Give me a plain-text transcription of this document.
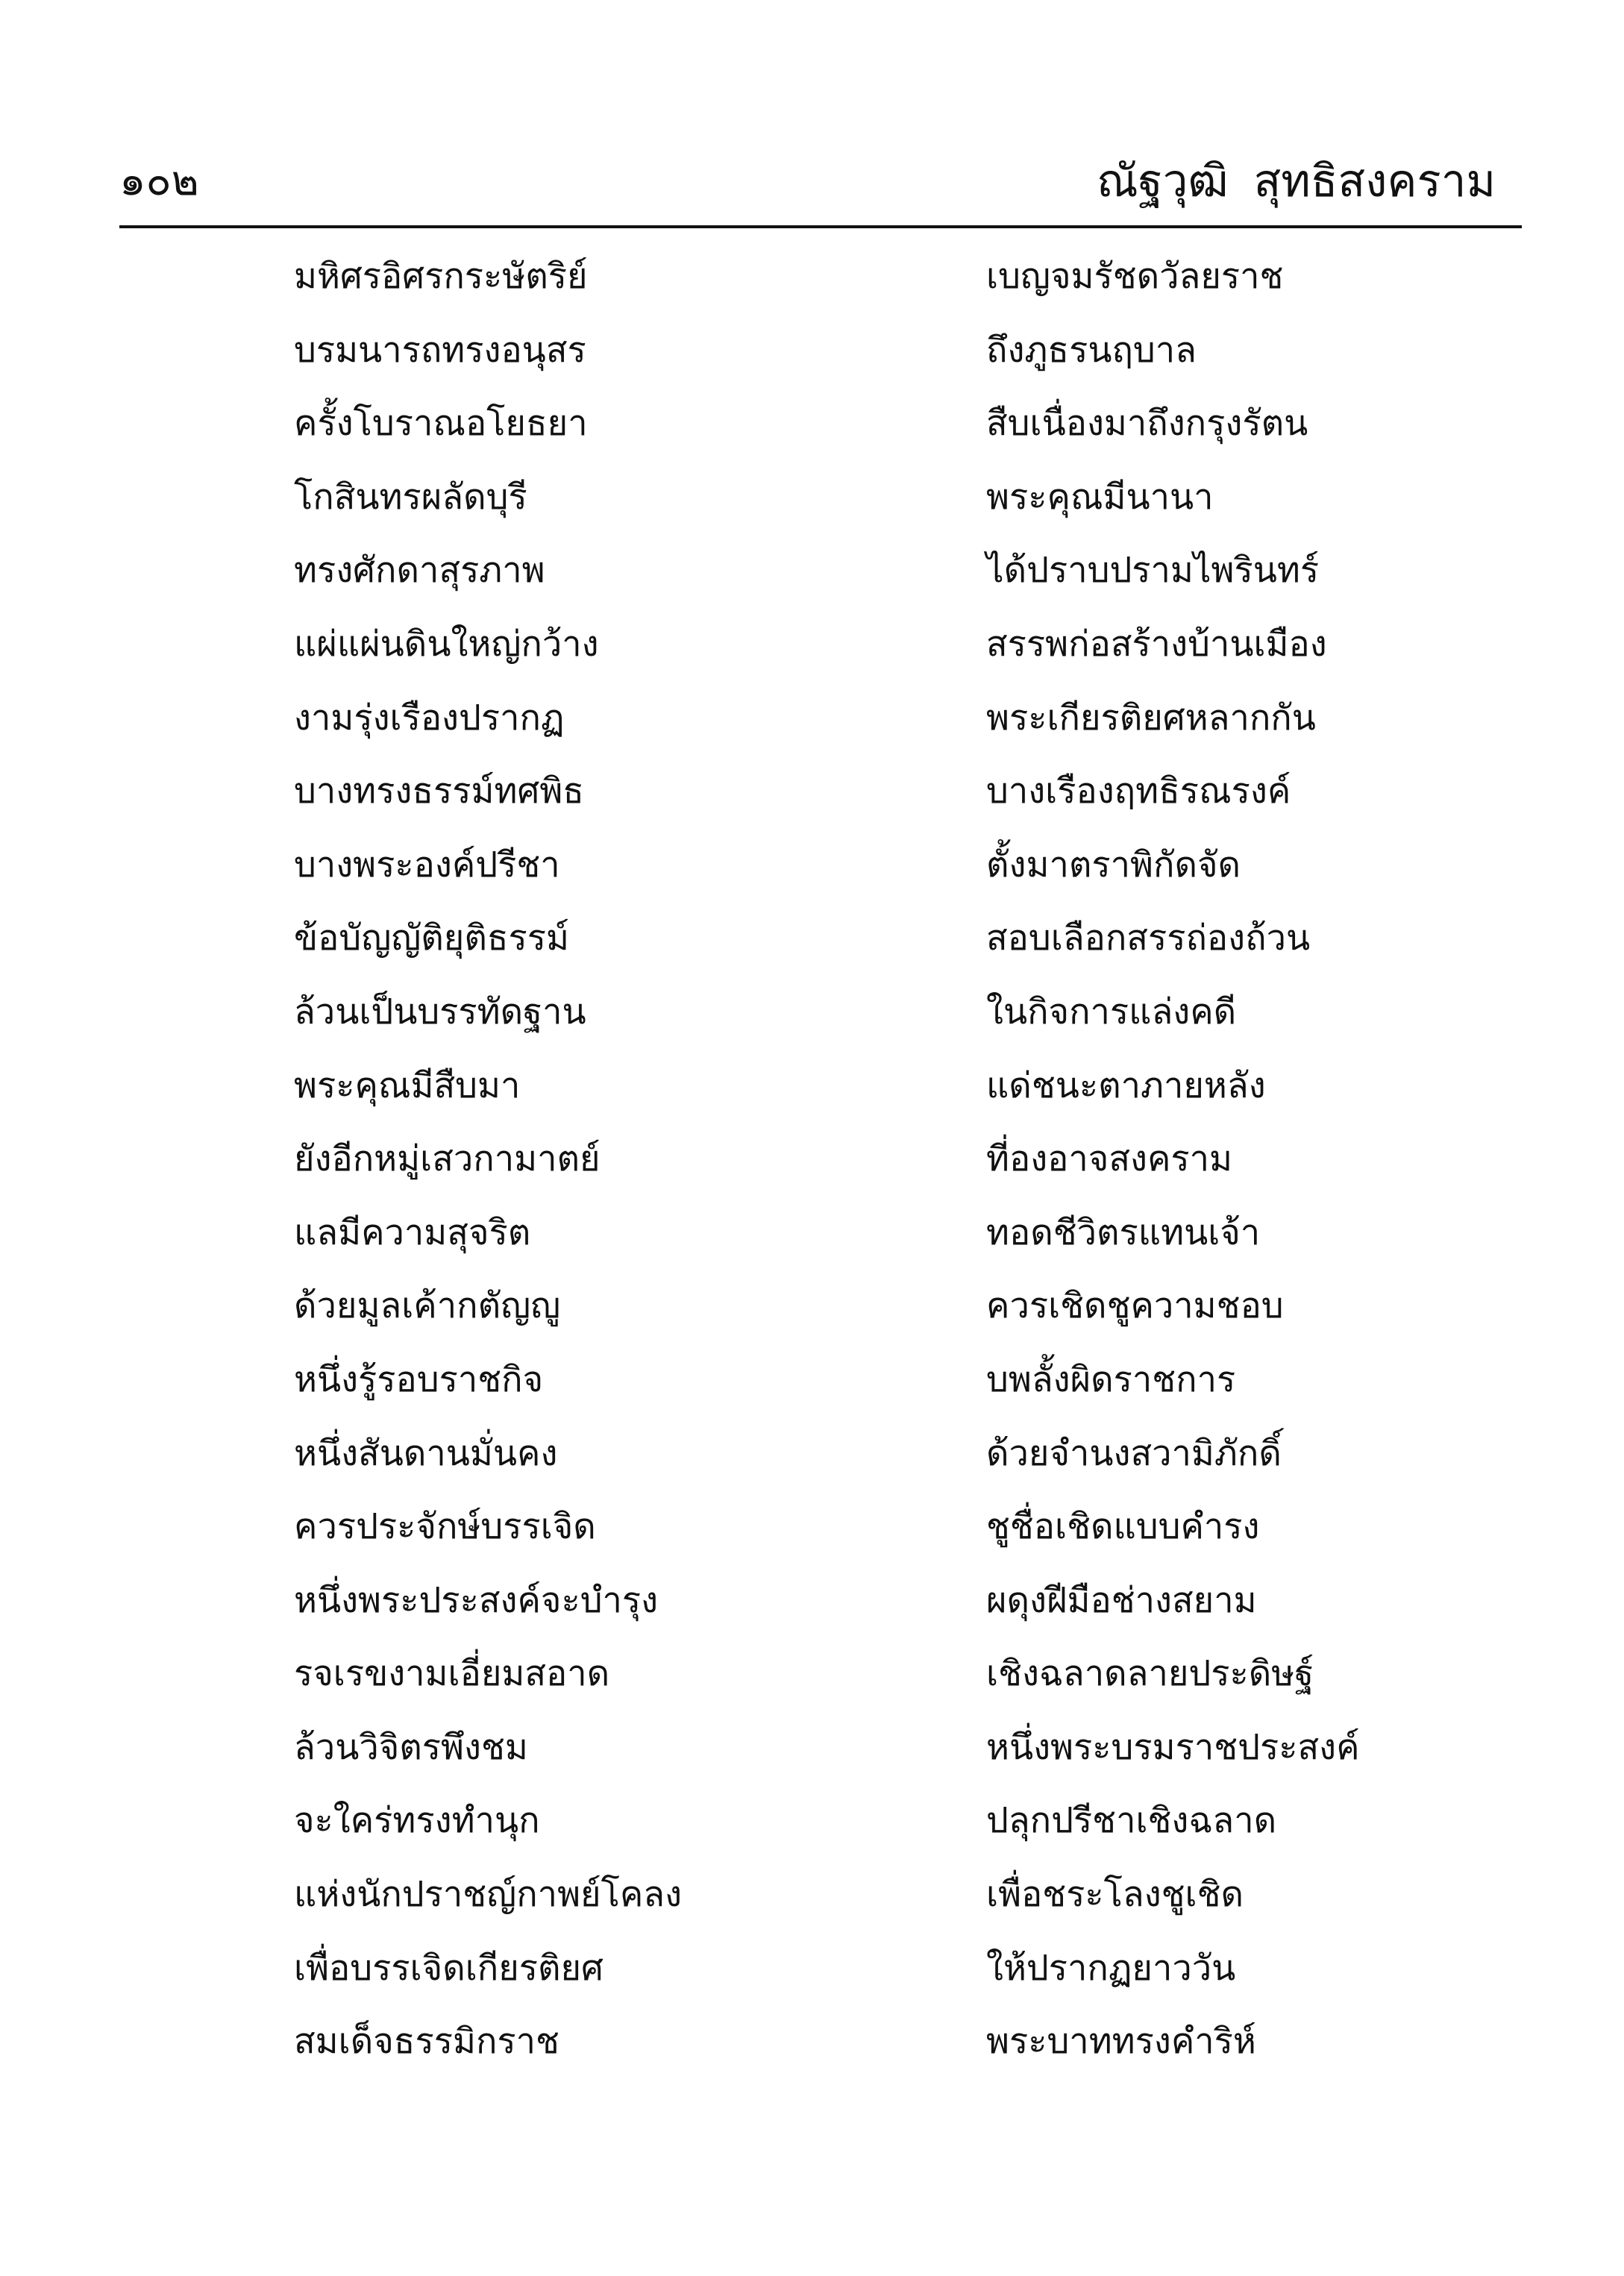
๑๐๒	ณัฐวุฒิ สุทธิสงคราม
มหิศรอิศรกระษัตริย์	เบญจมรัชดวัลยราช
บรมนารถทรงอนุสร	ถึงภูธรนฤบาล
ครั้งโบราณอโยธยา	สืบเนื่องมาถึงกรุงรัตน
โกสินทรผลัดบุรี	พระคุณมีนานา
ทรงศักดาสุรภาพ	ได้ปราบปรามไพรินทร์
แผ่แผ่นดินใหญ่กว้าง	สรรพก่อสร้างบ้านเมือง
งามรุ่งเรืองปรากฏ	พระเกียรติยศหลากกัน
บางทรงธรรม์ทศพิธ	บางเรืองฤทธิรณรงค์
บางพระองค์ปรีชา	ตั้งมาตราพิกัดจัด
ข้อบัญญัติยุติธรรม์	สอบเลือกสรรถ่องถ้วน
ล้วนเป็นบรรทัดฐาน	ในกิจการแล่งคดี
พระคุณมีสืบมา	แด่ชนะตาภายหลัง
ยังอีกหมู่เสวกามาตย์	ที่องอาจสงคราม
แลมีความสุจริต	ทอดชีวิตรแทนเจ้า
ด้วยมูลเค้ากตัญญู	ควรเชิดชูความชอบ
หนึ่งรู้รอบราชกิจ	บพลั้งผิดราชการ
หนึ่งสันดานมั่นคง	ด้วยจำนงสวามิภักดิ์
ควรประจักษ์บรรเจิด	ชูชื่อเชิดแบบคำรง
หนึ่งพระประสงค์จะบำรุง	ผดุงฝีมือช่างสยาม
รจเรขงามเอี่ยมสอาด	เชิงฉลาดลายประดิษฐ์
ล้วนวิจิตรพึงชม	หนึ่งพระบรมราชประสงค์
จะใคร่ทรงทำนุก	ปลุกปรีชาเชิงฉลาด
แห่งนักปราชญ์กาพย์โคลง	เพื่อชระโลงชูเชิด
เพื่อบรรเจิดเกียรติยศ	ให้ปรากฏยาววัน
สมเด็จธรรมิกราช	พระบาททรงคำริห์
